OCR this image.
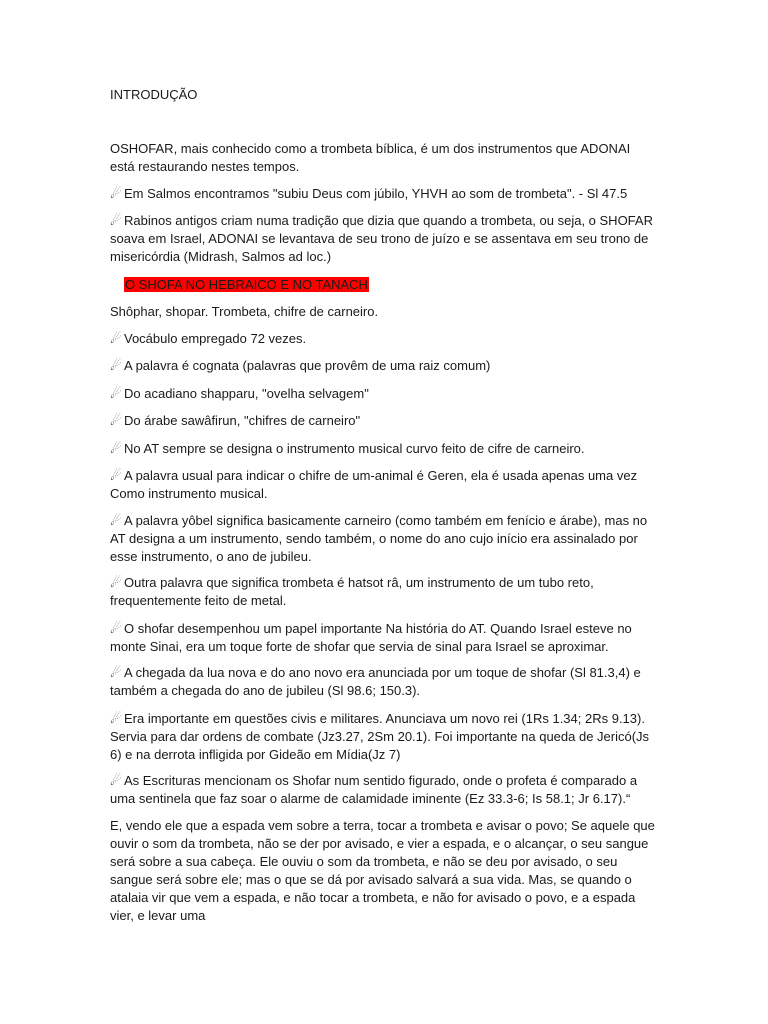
INTRODUÇÃO

OSHOFAR, mais conhecido como a trombeta bíblica, é um dos instrumentos que ADONAI está restaurando nestes tempos.

☄ Em Salmos encontramos "subiu Deus com júbilo, YHVH ao som de trombeta". - Sl 47.5

☄ Rabinos antigos criam numa tradição que dizia que quando a trombeta, ou seja, o SHOFAR soava em Israel, ADONAI se levantava de seu trono de juízo e se assentava em seu trono de misericórdia (Midrash, Salmos ad loc.)

O SHOFA NO HEBRAICO E NO TANACH

Shôphar, shopar. Trombeta, chifre de carneiro.

☄ Vocábulo empregado 72 vezes.

☄ A palavra é cognata (palavras que provêm de uma raiz comum)

☄ Do acadiano shapparu, "ovelha selvagem"

☄ Do árabe sawâfirun, "chifres de carneiro"

☄ No AT sempre se designa o instrumento musical curvo feito de cifre de carneiro.

☄ A palavra usual para indicar o chifre de um-animal é Geren, ela é usada apenas uma vez Como instrumento musical.

☄ A palavra yôbel significa basicamente carneiro (como também em fenício e árabe), mas no AT designa a um instrumento, sendo também, o nome do ano cujo início era assinalado por esse instrumento, o ano de jubileu.

☄ Outra palavra que significa trombeta é hatsot râ, um instrumento de um tubo reto, frequentemente feito de metal.

☄ O shofar desempenhou um papel importante Na história do AT. Quando Israel esteve no monte Sinai, era um toque forte de shofar que servia de sinal para Israel se aproximar.

☄ A chegada da lua nova e do ano novo era anunciada por um toque de shofar (Sl 81.3,4) e também a chegada do ano de jubileu (Sl 98.6; 150.3).

☄ Era importante em questões civis e militares. Anunciava um novo rei (1Rs 1.34; 2Rs 9.13). Servia para dar ordens de combate (Jz3.27, 2Sm 20.1). Foi importante na queda de Jericó(Js 6) e na derrota infligida por Gideão em Mídia(Jz 7)

☄ As Escrituras mencionam os Shofar num sentido figurado, onde o profeta é comparado a uma sentinela que faz soar o alarme de calamidade iminente (Ez 33.3-6; Is 58.1; Jr 6.17).“

E, vendo ele que a espada vem sobre a terra, tocar a trombeta e avisar o povo; Se aquele que ouvir o som da trombeta, não se der por avisado, e vier a espada, e o alcançar, o seu sangue será sobre a sua cabeça. Ele ouviu o som da trombeta, e não se deu por avisado, o seu sangue será sobre ele; mas o que se dá por avisado salvará a sua vida. Mas, se quando o atalaia vir que vem a espada, e não tocar a trombeta, e não for avisado o povo, e a espada vier, e levar uma
